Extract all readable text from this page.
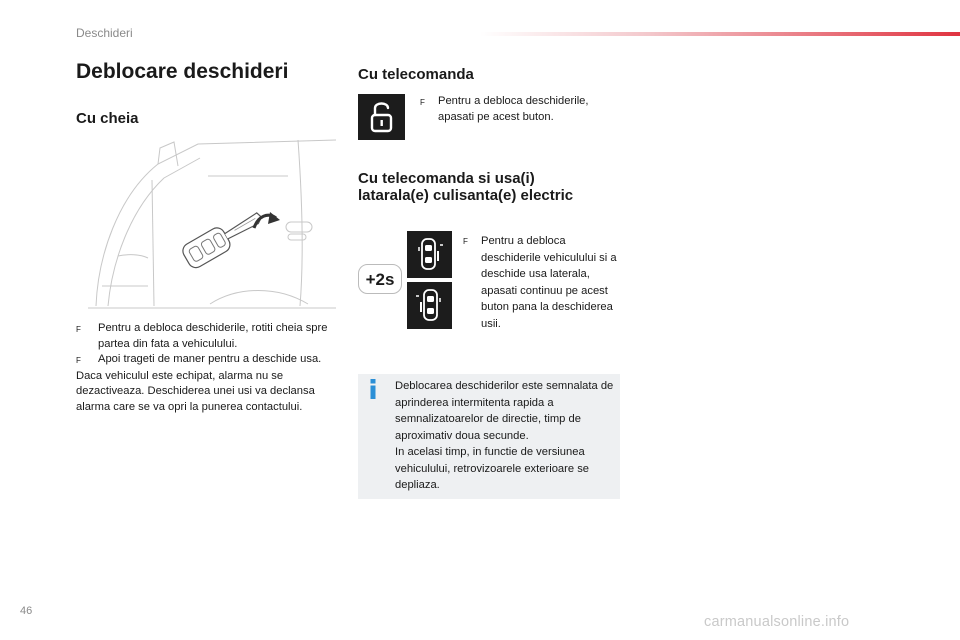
Deschideri
Deblocare deschideri
Cu cheia
F	Pentru a debloca deschiderile, rotiti cheia spre partea din fata a vehiculului.
F	Apoi trageti de maner pentru a deschide usa.

Daca vehiculul este echipat, alarma nu se dezactiveaza. Deschiderea unei usi va declansa alarma care se va opri la punerea contactului.

Cu telecomanda
F	Pentru a debloca deschiderile, apasati pe acest buton.
Cu telecomanda si usa(i)
latarala(e) culisanta(e) electric
+2s
F	Pentru a debloca deschiderile vehiculului si a deschide usa laterala, apasati continuu pe acest buton pana la deschiderea usii.
Deblocarea deschiderilor este semnalata de aprinderea intermitenta rapida a semnalizatoarelor de directie, timp de aproximativ doua secunde.
In acelasi timp, in functie de versiunea vehiculului, retrovizoarele exterioare se depliaza.
46
carmanualsonline.info
